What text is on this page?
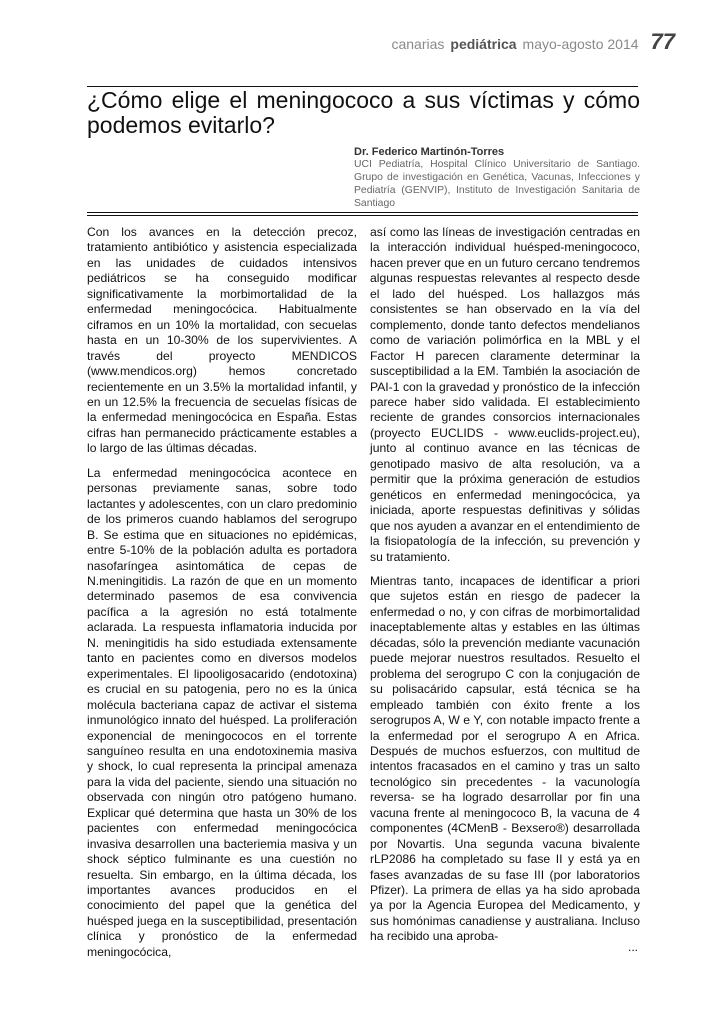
canarias pediátrica mayo-agosto 2014 77
¿Cómo elige el meningococo a sus víctimas y cómo podemos evitarlo?
Dr. Federico Martinón-Torres
UCI Pediatría, Hospital Clínico Universitario de Santiago. Grupo de investigación en Genética, Vacunas, Infecciones y Pediatría (GENVIP), Instituto de Investigación Sanitaria de Santiago

Con los avances en la detección precoz, tratamiento antibiótico y asistencia especializada en las unidades de cuidados intensivos pediátricos se ha conseguido modificar significativamente la morbimortalidad de la enfermedad meningocócica. Habitualmente ciframos en un 10% la mortalidad, con secuelas hasta en un 10-30% de los supervivientes. A través del proyecto MENDICOS (www.mendicos.org) hemos concretado recientemente en un 3.5% la mortalidad infantil, y en un 12.5% la frecuencia de secuelas físicas de la enfermedad meningocócica en España. Estas cifras han permanecido prácticamente estables a lo largo de las últimas décadas.

La enfermedad meningocócica acontece en personas previamente sanas, sobre todo lactantes y adolescentes, con un claro predominio de los primeros cuando hablamos del serogrupo B. Se estima que en situaciones no epidémicas, entre 5-10% de la población adulta es portadora nasofaríngea asintomática de cepas de N.meningitidis. La razón de que en un momento determinado pasemos de esa convivencia pacífica a la agresión no está totalmente aclarada. La respuesta inflamatoria inducida por N. meningitidis ha sido estudiada extensamente tanto en pacientes como en diversos modelos experimentales. El lipooligosacarido (endotoxina) es crucial en su patogenia, pero no es la única molécula bacteriana capaz de activar el sistema inmunológico innato del huésped. La proliferación exponencial de meningococos en el torrente sanguíneo resulta en una endotoxinemia masiva y shock, lo cual representa la principal amenaza para la vida del paciente, siendo una situación no observada con ningún otro patógeno humano. Explicar qué determina que hasta un 30% de los pacientes con enfermedad meningocócica invasiva desarrollen una bacteriemia masiva y un shock séptico fulminante es una cuestión no resuelta. Sin embargo, en la última década, los importantes avances producidos en el conocimiento del papel que la genética del huésped juega en la susceptibilidad, presentación clínica y pronóstico de la enfermedad meningocócica,

así como las líneas de investigación centradas en la interacción individual huésped-meningococo, hacen prever que en un futuro cercano tendremos algunas respuestas relevantes al respecto desde el lado del huésped. Los hallazgos más consistentes se han observado en la vía del complemento, donde tanto defectos mendelianos como de variación polimórfica en la MBL y el Factor H parecen claramente determinar la susceptibilidad a la EM. También la asociación de PAI-1 con la gravedad y pronóstico de la infección parece haber sido validada. El establecimiento reciente de grandes consorcios internacionales (proyecto EUCLIDS - www.euclids-project.eu), junto al continuo avance en las técnicas de genotipado masivo de alta resolución, va a permitir que la próxima generación de estudios genéticos en enfermedad meningocócica, ya iniciada, aporte respuestas definitivas y sólidas que nos ayuden a avanzar en el entendimiento de la fisiopatología de la infección, su prevención y su tratamiento.

Mientras tanto, incapaces de identificar a priori que sujetos están en riesgo de padecer la enfermedad o no, y con cifras de morbimortalidad inaceptablemente altas y estables en las últimas décadas, sólo la prevención mediante vacunación puede mejorar nuestros resultados. Resuelto el problema del serogrupo C con la conjugación de su polisacárido capsular, está técnica se ha empleado también con éxito frente a los serogrupos A, W e Y, con notable impacto frente a la enfermedad por el serogrupo A en Africa. Después de muchos esfuerzos, con multitud de intentos fracasados en el camino y tras un salto tecnológico sin precedentes - la vacunología reversa- se ha logrado desarrollar por fin una vacuna frente al meningococo B, la vacuna de 4 componentes (4CMenB - Bexsero®) desarrollada por Novartis. Una segunda vacuna bivalente rLP2086 ha completado su fase II y está ya en fases avanzadas de su fase III (por laboratorios Pfizer). La primera de ellas ya ha sido aprobada ya por la Agencia Europea del Medicamento, y sus homónimas canadiense y australiana. Incluso ha recibido una aproba-

...
